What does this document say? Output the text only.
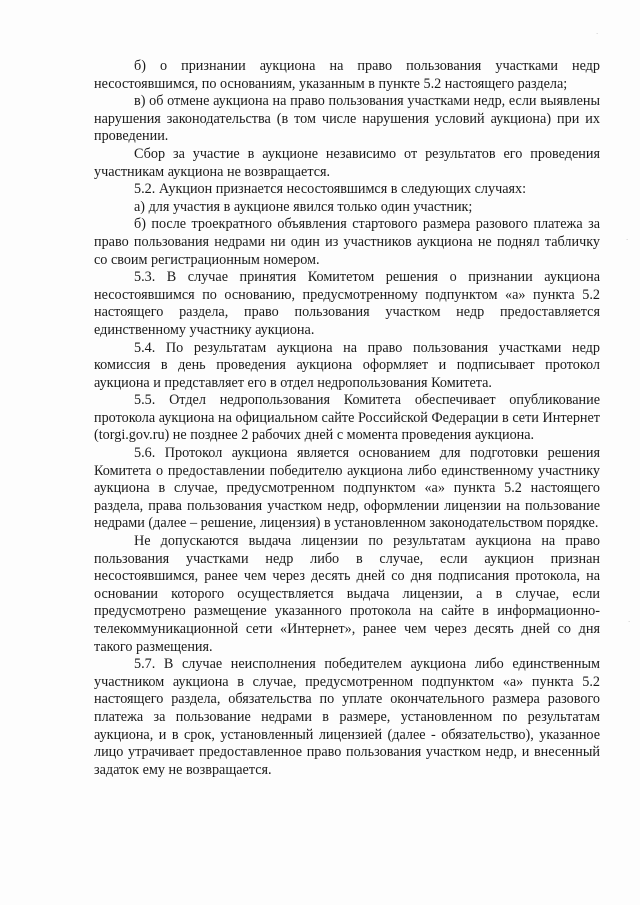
·
·
·

б) о признании аукциона на право пользования участками недр несостоявшимся, по основаниям, указанным в пункте 5.2 настоящего раздела;

в) об отмене аукциона на право пользования участками недр, если выявлены нарушения законодательства (в том числе нарушения условий аукциона) при их проведении.

Сбор за участие в аукционе независимо от результатов его проведения участникам аукциона не возвращается.

5.2. Аукцион признается несостоявшимся в следующих случаях:

а) для участия в аукционе явился только один участник;

б) после троекратного объявления стартового размера разового платежа за право пользования недрами ни один из участников аукциона не поднял табличку со своим регистрационным номером.

5.3. В случае принятия Комитетом решения о признании аукциона несостоявшимся по основанию, предусмотренному подпунктом «а» пункта 5.2 настоящего раздела, право пользования участком недр предоставляется единственному участнику аукциона.

5.4. По результатам аукциона на право пользования участками недр комиссия в день проведения аукциона оформляет и подписывает протокол аукциона и представляет его в отдел недропользования Комитета.

5.5. Отдел недропользования Комитета обеспечивает опубликование протокола аукциона на официальном сайте Российской Федерации в сети Интернет (torgi.gov.ru) не позднее 2 рабочих дней с момента проведения аукциона.

5.6. Протокол аукциона является основанием для подготовки решения Комитета о предоставлении победителю аукциона либо единственному участнику аукциона в случае, предусмотренном подпунктом «а» пункта 5.2 настоящего раздела, права пользования участком недр, оформлении лицензии на пользование недрами (далее – решение, лицензия) в установленном законодательством порядке.

Не допускаются выдача лицензии по результатам аукциона на право пользования участками недр либо в случае, если аукцион признан несостоявшимся, ранее чем через десять дней со дня подписания протокола, на основании которого осуществляется выдача лицензии, а в случае, если предусмотрено размещение указанного протокола на сайте в информационно-телекоммуникационной сети «Интернет», ранее чем через десять дней со дня такого размещения.

5.7. В случае неисполнения победителем аукциона либо единственным участником аукциона в случае, предусмотренном подпунктом «а» пункта 5.2 настоящего раздела, обязательства по уплате окончательного размера разового платежа за пользование недрами в размере, установленном по результатам аукциона, и в срок, установленный лицензией (далее - обязательство), указанное лицо утрачивает предоставленное право пользования участком недр, и внесенный задаток ему не возвращается.
